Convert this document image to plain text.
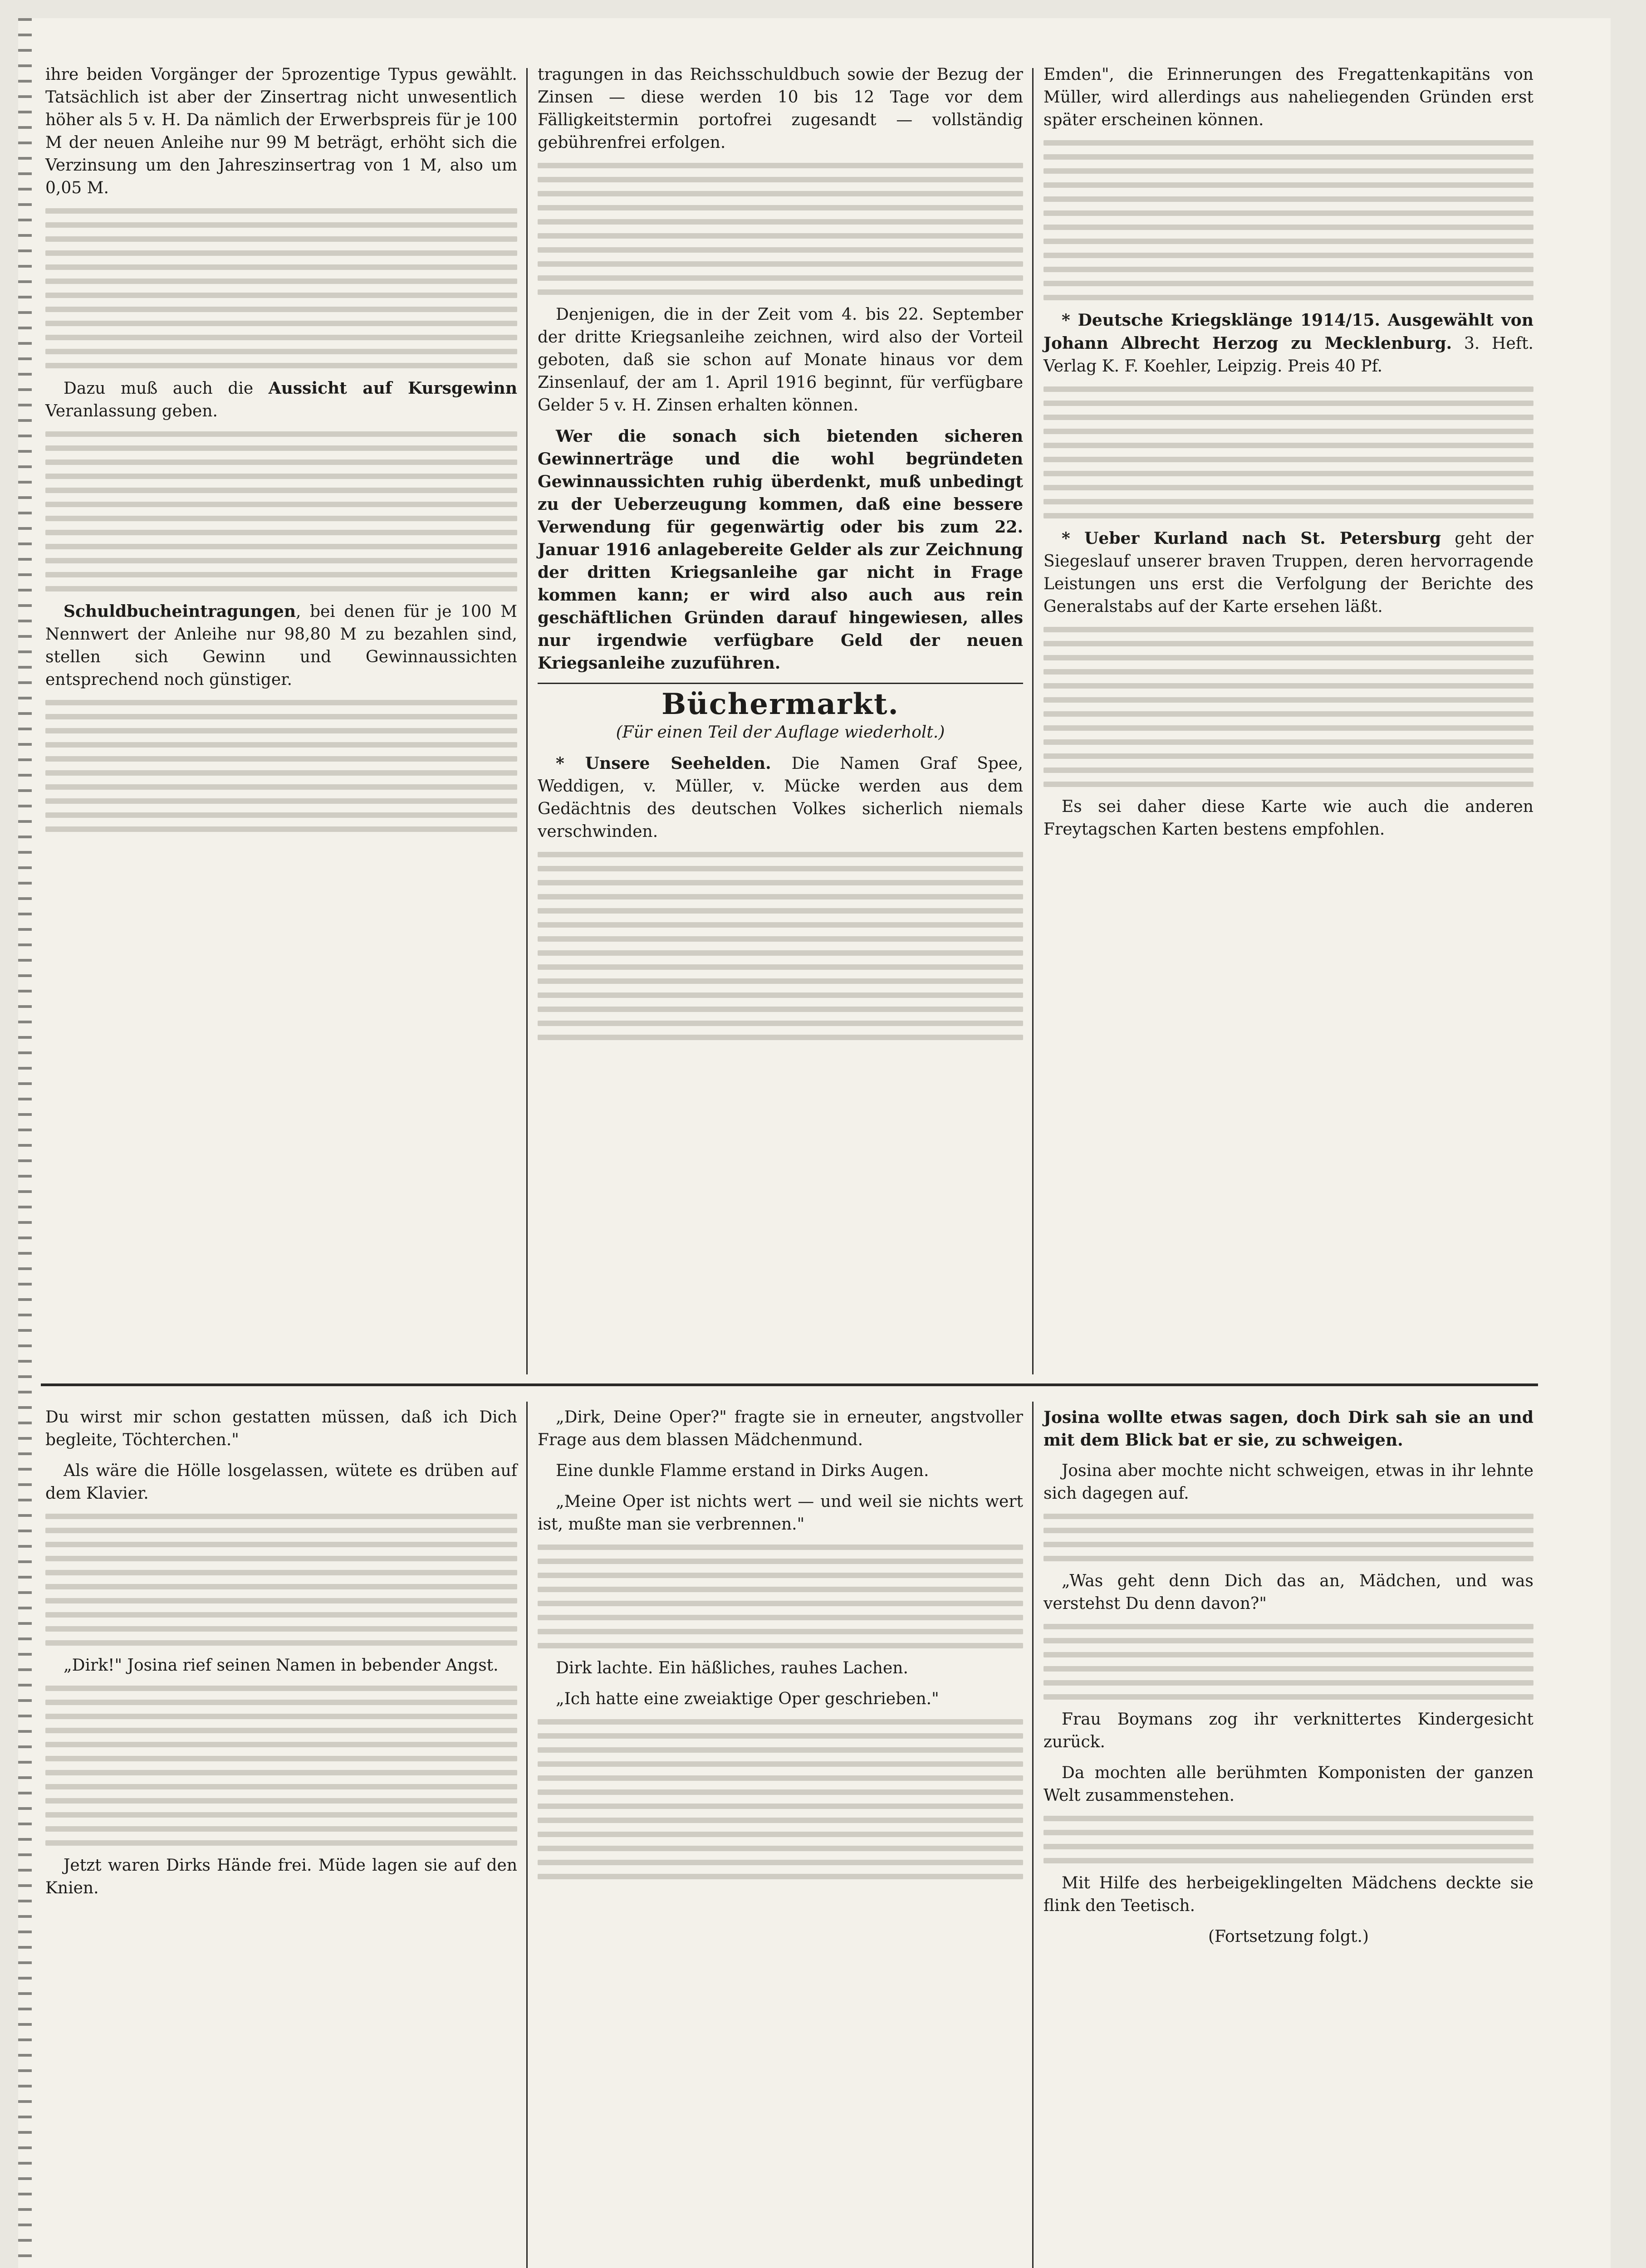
ihre beiden Vorgänger der 5prozentige Typus gewählt. Tatsächlich ist aber der Zinsertrag nicht unwesentlich höher als 5 v. H. Da nämlich der Erwerbspreis für je 100 M der neuen Anleihe nur 99 M beträgt, erhöht sich die Verzinsung um den Jahreszinsertrag von 1 M, also um 0,05 M.

Dazu muß auch die Aussicht auf Kursgewinn Veranlassung geben.

Schuldbucheintragungen, bei denen für je 100 M Nennwert der Anleihe nur 98,80 M zu bezahlen sind, stellen sich Gewinn und Gewinnaussichten entsprechend noch günstiger.

tragungen in das Reichsschuldbuch sowie der Bezug der Zinsen — diese werden 10 bis 12 Tage vor dem Fälligkeitstermin portofrei zugesandt — vollständig gebührenfrei erfolgen.

Denjenigen, die in der Zeit vom 4. bis 22. September der dritte Kriegsanleihe zeichnen, wird also der Vorteil geboten, daß sie schon auf Monate hinaus vor dem Zinsenlauf, der am 1. April 1916 beginnt, für verfügbare Gelder 5 v. H. Zinsen erhalten können.

Wer die sonach sich bietenden sicheren Gewinnerträge und die wohl begründeten Gewinnaussichten ruhig überdenkt, muß unbedingt zu der Ueberzeugung kommen, daß eine bessere Verwendung für gegenwärtig oder bis zum 22. Januar 1916 anlagebereite Gelder als zur Zeichnung der dritten Kriegsanleihe gar nicht in Frage kommen kann; er wird also auch aus rein geschäftlichen Gründen darauf hingewiesen, alles nur irgendwie verfügbare Geld der neuen Kriegsanleihe zuzuführen.

Büchermarkt.

(Für einen Teil der Auflage wiederholt.)

* Unsere Seehelden. Die Namen Graf Spee, Weddigen, v. Müller, v. Mücke werden aus dem Gedächtnis des deutschen Volkes sicherlich niemals verschwinden.

Emden", die Erinnerungen des Fregattenkapitäns von Müller, wird allerdings aus naheliegenden Gründen erst später erscheinen können.

* Deutsche Kriegsklänge 1914/15. Ausgewählt von Johann Albrecht Herzog zu Mecklenburg. 3. Heft. Verlag K. F. Koehler, Leipzig. Preis 40 Pf.

* Ueber Kurland nach St. Petersburg geht der Siegeslauf unserer braven Truppen, deren hervorragende Leistungen uns erst die Verfolgung der Berichte des Generalstabs auf der Karte ersehen läßt.

Es sei daher diese Karte wie auch die anderen Freytagschen Karten bestens empfohlen.

Du wirst mir schon gestatten müssen, daß ich Dich begleite, Töchterchen."

Als wäre die Hölle losgelassen, wütete es drüben auf dem Klavier.

„Dirk!" Josina rief seinen Namen in bebender Angst.

Jetzt waren Dirks Hände frei. Müde lagen sie auf den Knien.

„Dirk, Deine Oper?" fragte sie in erneuter, angstvoller Frage aus dem blassen Mädchenmund.

Eine dunkle Flamme erstand in Dirks Augen.

„Meine Oper ist nichts wert — und weil sie nichts wert ist, mußte man sie verbrennen."

Dirk lachte. Ein häßliches, rauhes Lachen.

„Ich hatte eine zweiaktige Oper geschrieben."

Josina wollte etwas sagen, doch Dirk sah sie an und mit dem Blick bat er sie, zu schweigen.

Josina aber mochte nicht schweigen, etwas in ihr lehnte sich dagegen auf.

„Was geht denn Dich das an, Mädchen, und was verstehst Du denn davon?"

Frau Boymans zog ihr verknittertes Kindergesicht zurück.

Da mochten alle berühmten Komponisten der ganzen Welt zusammenstehen.

Mit Hilfe des herbeigeklingelten Mädchens deckte sie flink den Teetisch.

(Fortsetzung folgt.)
